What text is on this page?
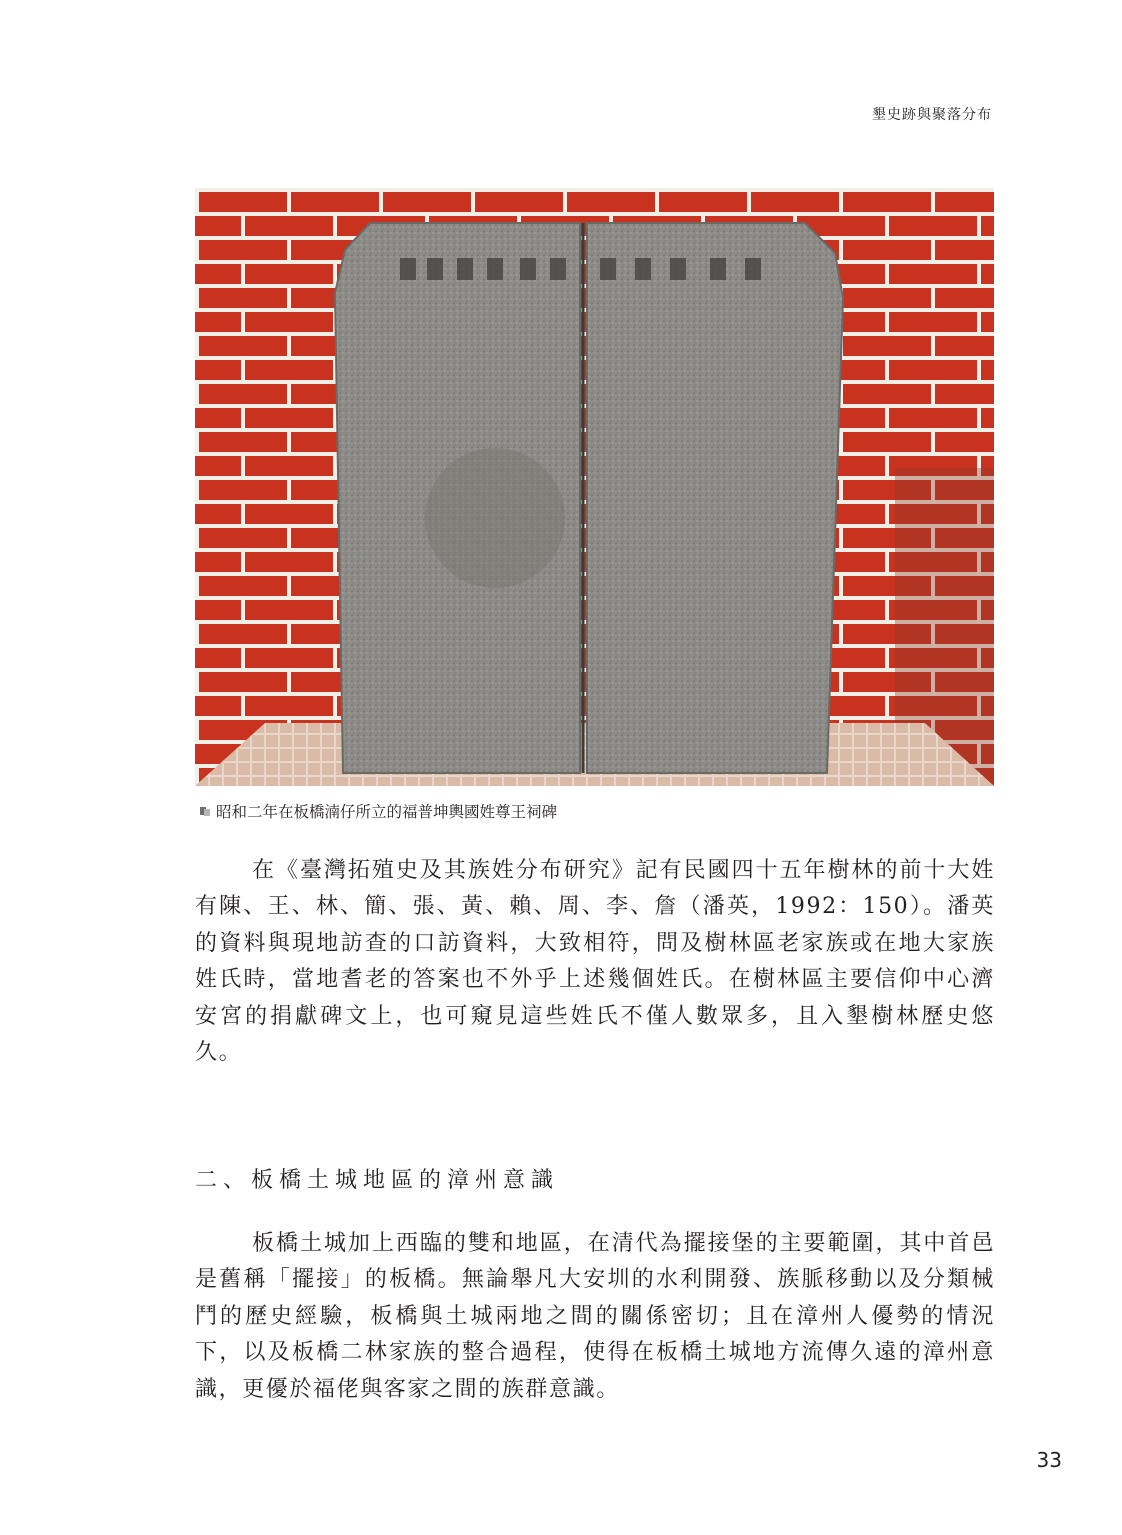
墾史跡與聚落分布
昭和二年在板橋湳仔所立的福普坤輿國姓尊王祠碑

在《臺灣拓殖史及其族姓分布研究》記有民國四十五年樹林的前十大姓有陳、王、林、簡、張、黃、賴、周、李、詹（潘英，1992：150）。潘英的資料與現地訪查的口訪資料，大致相符，問及樹林區老家族或在地大家族姓氏時，當地耆老的答案也不外乎上述幾個姓氏。在樹林區主要信仰中心濟安宮的捐獻碑文上，也可窺見這些姓氏不僅人數眾多，且入墾樹林歷史悠久。

二、板橋土城地區的漳州意識

板橋土城加上西臨的雙和地區，在清代為擺接堡的主要範圍，其中首邑是舊稱「擺接」的板橋。無論舉凡大安圳的水利開發、族脈移動以及分類械鬥的歷史經驗，板橋與土城兩地之間的關係密切；且在漳州人優勢的情況下，以及板橋二林家族的整合過程，使得在板橋土城地方流傳久遠的漳州意識，更優於福佬與客家之間的族群意識。

33
